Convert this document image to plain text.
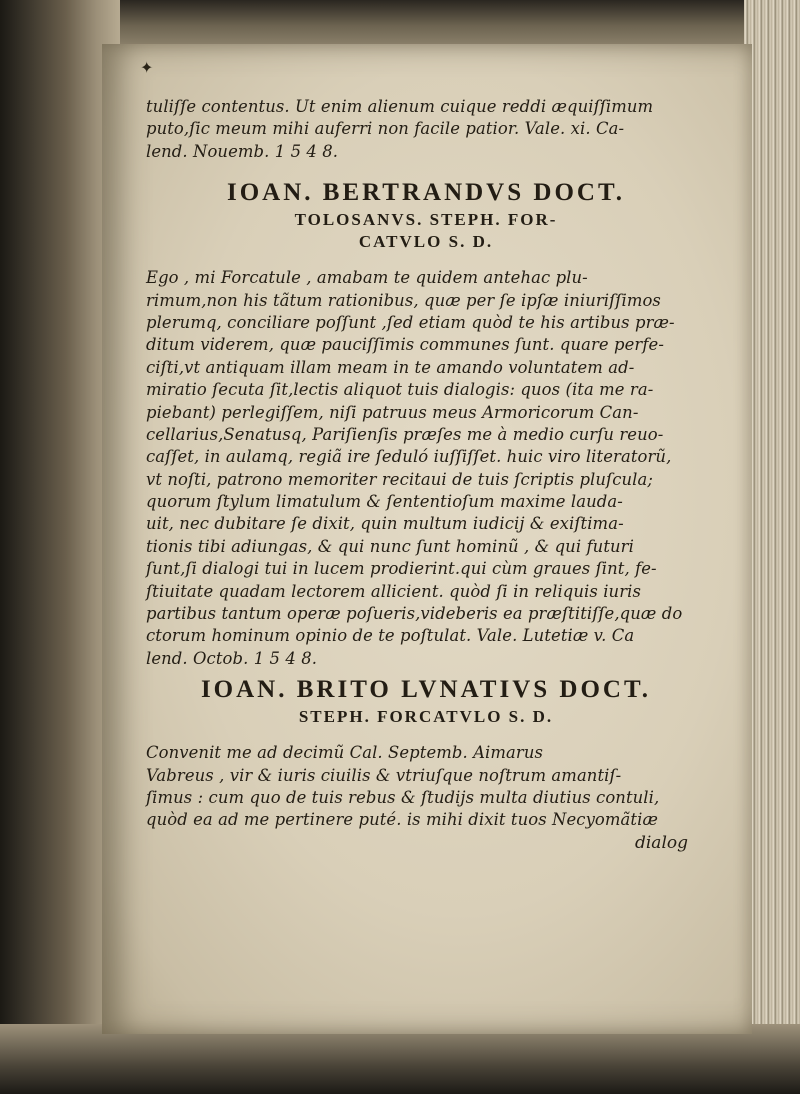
✦
tuliſſe contentus. Ut enim alienum cuique reddi æquiſſimum
puto,ſic meum mihi auferri non facile patior. Vale. xi. Ca-
lend. Nouemb. 1 5 4 8.
IOAN. BERTRANDVS DOCT.
TOLOSANVS. STEPH. FOR-
CATVLO S. D.
Ego , mi Forcatule , amabam te quidem antehac plu-
rimum,non his tãtum rationibus, quæ per ſe ipſæ iniuriſſimos
plerumq, conciliare poſſunt ,ſed etiam quòd te his artibus præ-
ditum viderem, quæ pauciſſimis communes ſunt. quare perfe-
ciſti,vt antiquam illam meam in te amando voluntatem ad-
miratio ſecuta ſit,lectis aliquot tuis dialogis: quos (ita me ra-
piebant) perlegiſſem, niſi patruus meus Armoricorum Can-
cellarius,Senatusq, Pariſienſis præſes me à medio curſu reuo-
caſſet, in aulamq, regiã ire ſeduló iuſſiſſet. huic viro literatorũ,
vt noſti, patrono memoriter recitaui de tuis ſcriptis pluſcula;
quorum ſtylum limatulum & ſententioſum maxime lauda-
uit, nec dubitare ſe dixit, quin multum iudicij & exiſtima-
tionis tibi adiungas, & qui nunc ſunt hominũ , & qui futuri
ſunt,ſi dialogi tui in lucem prodierint.qui cùm graues ſint, fe-
ſtiuitate quadam lectorem allicient. quòd ſi in reliquis iuris
partibus tantum operæ poſueris,videberis ea præſtitiſſe,quæ do
ctorum hominum opinio de te poſtulat. Vale. Lutetiæ v. Ca
lend. Octob. 1 5 4 8.
IOAN. BRITO LVNATIVS DOCT.
STEPH. FORCATVLO S. D.
Convenit me ad decimũ Cal. Septemb. Aimarus
Vabreus , vir & iuris ciuilis & vtriuſque noſtrum amantiſ-
ſimus : cum quo de tuis rebus & ſtudijs multa diutius contuli,
quòd ea ad me pertinere puté. is mihi dixit tuos Necyomãtiæ
dialog
